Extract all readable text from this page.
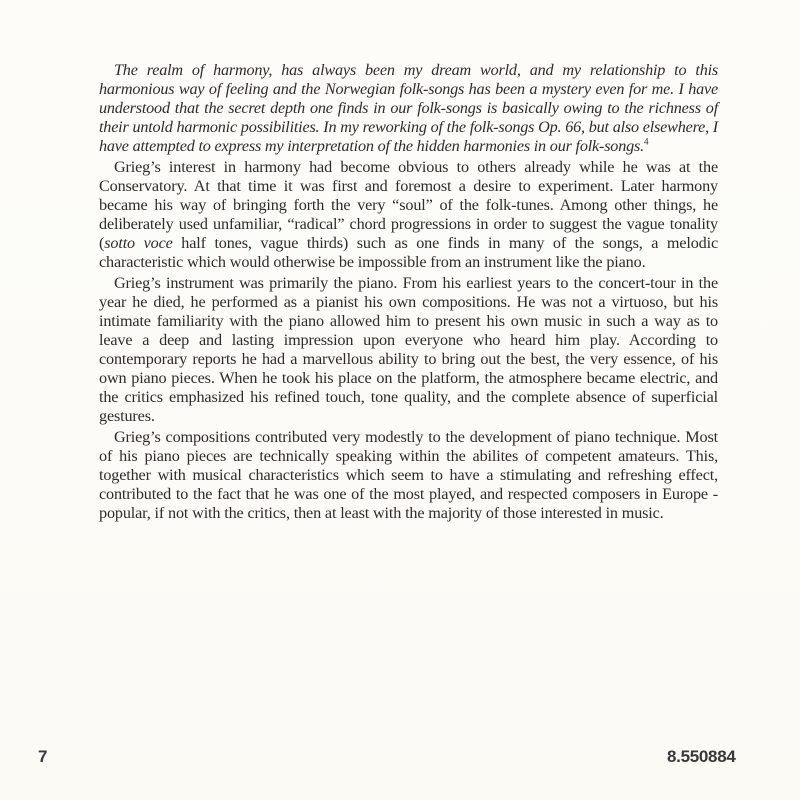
The realm of harmony, has always been my dream world, and my relationship to this harmonious way of feeling and the Norwegian folk-songs has been a mystery even for me. I have understood that the secret depth one finds in our folk-songs is basically owing to the richness of their untold harmonic possibilities. In my reworking of the folk-songs Op. 66, but also elsewhere, I have attempted to express my interpretation of the hidden harmonies in our folk-songs.$^4$

Grieg’s interest in harmony had become obvious to others already while he was at the Conservatory. At that time it was first and foremost a desire to experiment. Later harmony became his way of bringing forth the very “soul” of the folk-tunes. Among other things, he deliberately used unfamiliar, “radical” chord progressions in order to suggest the vague tonality (sotto voce half tones, vague thirds) such as one finds in many of the songs, a melodic characteristic which would otherwise be impossible from an instrument like the piano.

Grieg’s instrument was primarily the piano. From his earliest years to the concert-tour in the year he died, he performed as a pianist his own compositions. He was not a virtuoso, but his intimate familiarity with the piano allowed him to present his own music in such a way as to leave a deep and lasting impression upon everyone who heard him play. According to contemporary reports he had a marvellous ability to bring out the best, the very essence, of his own piano pieces. When he took his place on the platform, the atmosphere became electric, and the critics emphasized his refined touch, tone quality, and the complete absence of superficial gestures.

Grieg’s compositions contributed very modestly to the development of piano technique. Most of his piano pieces are technically speaking within the abilites of competent amateurs. This, together with musical characteristics which seem to have a stimulating and refreshing effect, contributed to the fact that he was one of the most played, and respected composers in Europe - popular, if not with the critics, then at least with the majority of those interested in music.

7	8.550884
